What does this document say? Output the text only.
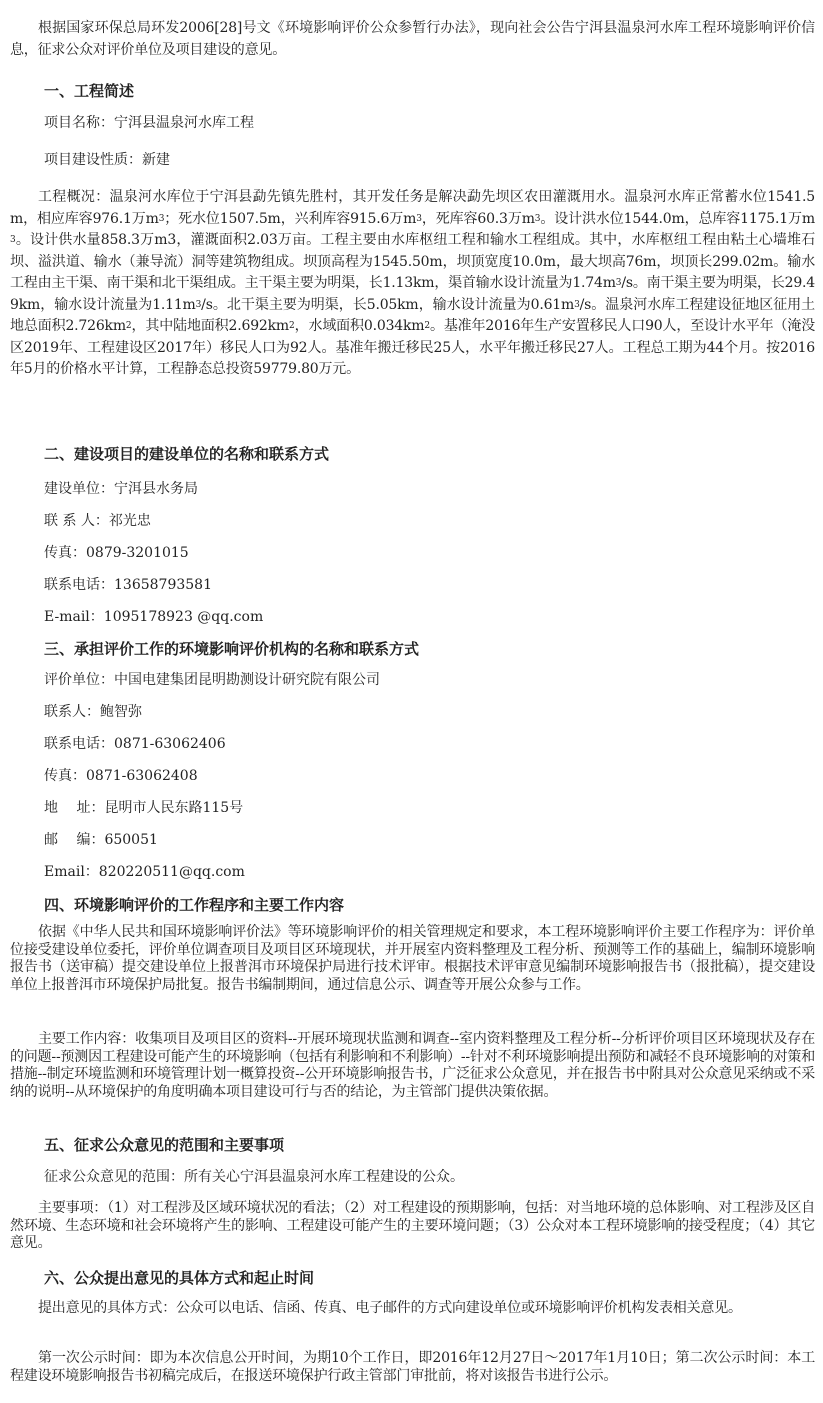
根据国家环保总局环发2006[28]号文《环境影响评价公众参暂行办法》，现向社会公告宁洱县温泉河水库工程环境影响评价信息，征求公众对评价单位及项目建设的意见。
一、工程简述
项目名称：宁洱县温泉河水库工程
项目建设性质：新建
工程概况：温泉河水库位于宁洱县勐先镇先胜村，其开发任务是解决勐先坝区农田灌溉用水。温泉河水库正常蓄水位1541.5m，相应库容976.1万$m^3$；死水位1507.5m，兴利库容915.6万$m^3$，死库容60.3万$m^3$。设计洪水位1544.0m，总库容1175.1万$m^3$。设计供水量858.3万m3，灌溉面积2.03万亩。工程主要由水库枢纽工程和输水工程组成。其中，水库枢纽工程由粘土心墙堆石坝、溢洪道、输水（兼导流）洞等建筑物组成。坝顶高程为1545.50m，坝顶宽度10.0m，最大坝高76m，坝顶长299.02m。输水工程由主干渠、南干渠和北干渠组成。主干渠主要为明渠，长1.13km，渠首输水设计流量为$1.74m^3/s$。南干渠主要为明渠，长29.49km，输水设计流量为$1.11m^3/s$。北干渠主要为明渠，长5.05km，输水设计流量为$0.61m^3/s$。温泉河水库工程建设征地区征用土地总面积$2.726km^2$，其中陆地面积$2.692km^2$，水域面积$0.034km^2$。基准年2016年生产安置移民人口90人，至设计水平年（淹没区2019年、工程建设区2017年）移民人口为92人。基准年搬迁移民25人，水平年搬迁移民27人。工程总工期为44个月。按2016年5月的价格水平计算，工程静态总投资59779.80万元。
二、建设项目的建设单位的名称和联系方式
建设单位：宁洱县水务局
联 系 人：祁光忠
传真：0879-3201015
联系电话：13658793581
E-mail：1095178923 @qq.com
三、承担评价工作的环境影响评价机构的名称和联系方式
评价单位：中国电建集团昆明勘测设计研究院有限公司
联系人：鲍智弥
联系电话：0871-63062406
传真：0871-63062408
地　 址：昆明市人民东路115号
邮　 编：650051
Email：820220511@qq.com
四、环境影响评价的工作程序和主要工作内容
依据《中华人民共和国环境影响评价法》等环境影响评价的相关管理规定和要求，本工程环境影响评价主要工作程序为：评价单位接受建设单位委托，评价单位调查项目及项目区环境现状，并开展室内资料整理及工程分析、预测等工作的基础上，编制环境影响报告书（送审稿）提交建设单位上报普洱市环境保护局进行技术评审。根据技术评审意见编制环境影响报告书（报批稿），提交建设单位上报普洱市环境保护局批复。报告书编制期间，通过信息公示、调查等开展公众参与工作。
主要工作内容：收集项目及项目区的资料--开展环境现状监测和调查--室内资料整理及工程分析--分析评价项目区环境现状及存在的问题--预测因工程建设可能产生的环境影响（包括有利影响和不利影响）--针对不利环境影响提出预防和减轻不良环境影响的对策和措施--制定环境监测和环境管理计划一概算投资--公开环境影响报告书，广泛征求公众意见，并在报告书中附具对公众意见采纳或不采纳的说明--从环境保护的角度明确本项目建设可行与否的结论，为主管部门提供决策依据。
五、征求公众意见的范围和主要事项
征求公众意见的范围：所有关心宁洱县温泉河水库工程建设的公众。
主要事项：（1）对工程涉及区域环境状况的看法；（2）对工程建设的预期影响，包括：对当地环境的总体影响、对工程涉及区自然环境、生态环境和社会环境将产生的影响、工程建设可能产生的主要环境问题；（3）公众对本工程环境影响的接受程度；（4）其它意见。
六、公众提出意见的具体方式和起止时间
提出意见的具体方式：公众可以电话、信函、传真、电子邮件的方式向建设单位或环境影响评价机构发表相关意见。
第一次公示时间：即为本次信息公开时间，为期10个工作日，即2016年12月27日～2017年1月10日；第二次公示时间：本工程建设环境影响报告书初稿完成后，在报送环境保护行政主管部门审批前，将对该报告书进行公示。
